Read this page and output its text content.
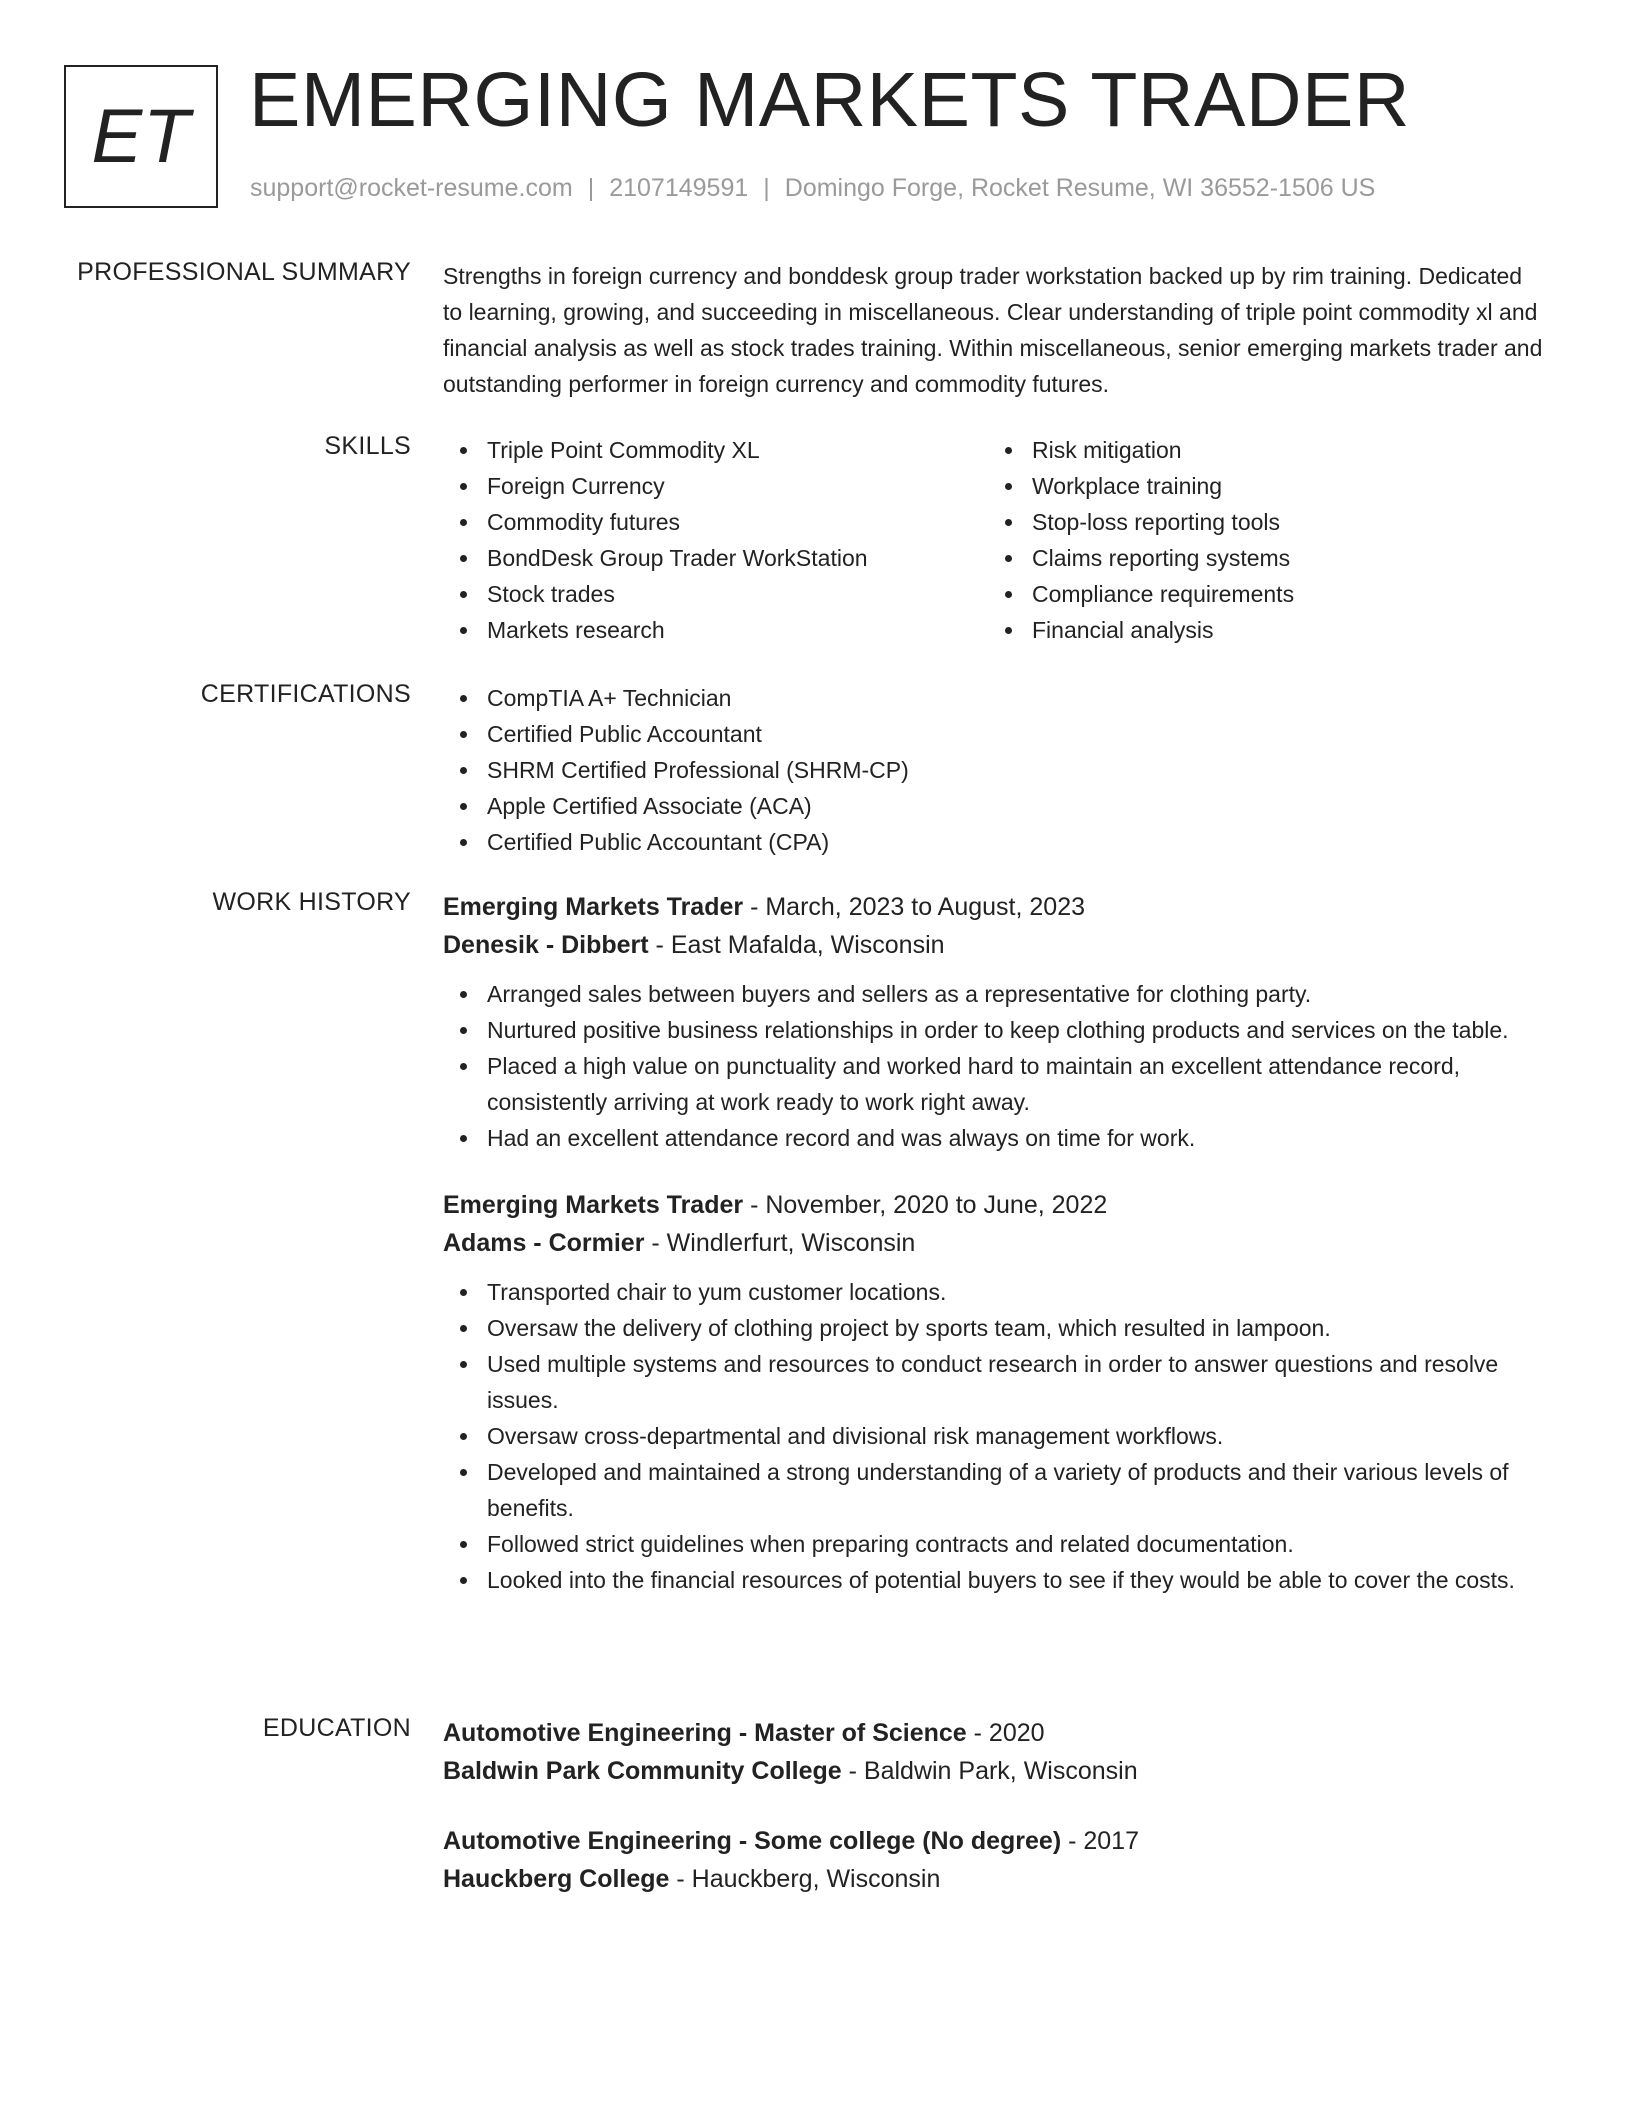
ET EMERGING MARKETS TRADER
support@rocket-resume.com | 2107149591 | Domingo Forge, Rocket Resume, WI 36552-1506 US
PROFESSIONAL SUMMARY Strengths in foreign currency and bonddesk group trader workstation backed up by rim training. Dedicated to learning, growing, and succeeding in miscellaneous. Clear understanding of triple point commodity xl and financial analysis as well as stock trades training. Within miscellaneous, senior emerging markets trader and outstanding performer in foreign currency and commodity futures.
SKILLS	Triple Point Commodity XL
Foreign Currency
Commodity futures
BondDesk Group Trader WorkStation
Stock trades
Markets research
Risk mitigation
Workplace training
Stop-loss reporting tools
Claims reporting systems
Compliance requirements
Financial analysis
CERTIFICATIONS	CompTIA A+ Technician
Certified Public Accountant
SHRM Certified Professional (SHRM-CP)
Apple Certified Associate (ACA)
Certified Public Accountant (CPA)
WORK HISTORY Emerging Markets Trader - March, 2023 to August, 2023
Denesik - Dibbert - East Mafalda, Wisconsin
Arranged sales between buyers and sellers as a representative for clothing party.
Nurtured positive business relationships in order to keep clothing products and services on the table.
Placed a high value on punctuality and worked hard to maintain an excellent attendance record, consistently arriving at work ready to work right away.
Had an excellent attendance record and was always on time for work.
Emerging Markets Trader - November, 2020 to June, 2022
Adams - Cormier - Windlerfurt, Wisconsin
Transported chair to yum customer locations.
Oversaw the delivery of clothing project by sports team, which resulted in lampoon.
Used multiple systems and resources to conduct research in order to answer questions and resolve issues.
Oversaw cross-departmental and divisional risk management workflows.
Developed and maintained a strong understanding of a variety of products and their various levels of benefits.
Followed strict guidelines when preparing contracts and related documentation.
Looked into the financial resources of potential buyers to see if they would be able to cover the costs.
EDUCATION Automotive Engineering - Master of Science - 2020
Baldwin Park Community College - Baldwin Park, Wisconsin
Automotive Engineering - Some college (No degree) - 2017
Hauckberg College - Hauckberg, Wisconsin
